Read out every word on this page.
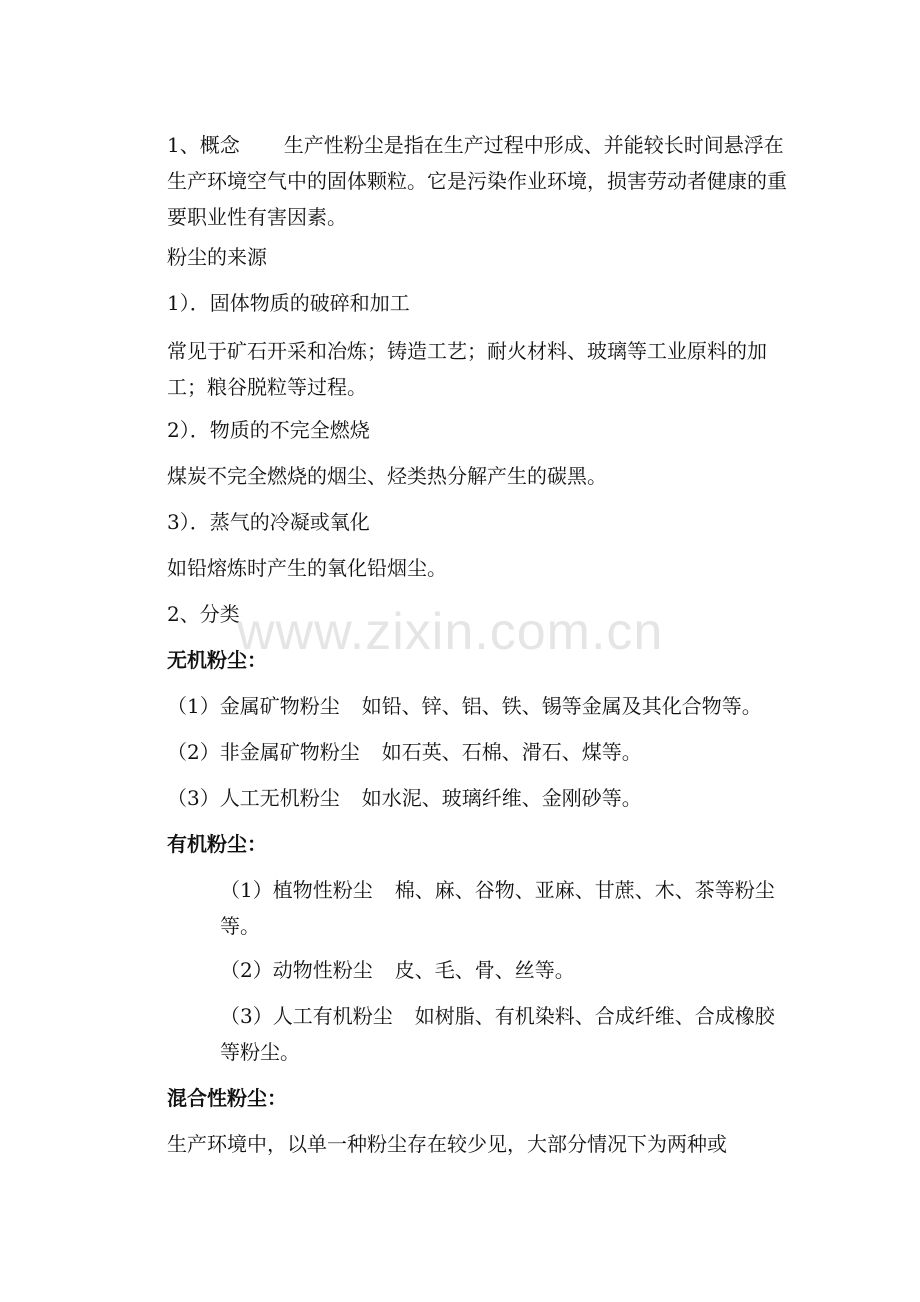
1、概念 生产性粉尘是指在生产过程中形成、并能较长时间悬浮在生产环境空气中的固体颗粒。它是污染作业环境，损害劳动者健康的重要职业性有害因素。

粉尘的来源

1）．固体物质的破碎和加工

常见于矿石开采和冶炼；铸造工艺；耐火材料、玻璃等工业原料的加工；粮谷脱粒等过程。

2）．物质的不完全燃烧

煤炭不完全燃烧的烟尘、烃类热分解产生的碳黑。

3）．蒸气的冷凝或氧化

如铅熔炼时产生的氧化铅烟尘。

2、分类

无机粉尘：

（1）金属矿物粉尘 如铅、锌、铝、铁、锡等金属及其化合物等。

（2）非金属矿物粉尘 如石英、石棉、滑石、煤等。

（3）人工无机粉尘 如水泥、玻璃纤维、金刚砂等。

有机粉尘：

（1）植物性粉尘 棉、麻、谷物、亚麻、甘蔗、木、茶等粉尘等。

（2）动物性粉尘 皮、毛、骨、丝等。

（3）人工有机粉尘 如树脂、有机染料、合成纤维、合成橡胶等粉尘。

混合性粉尘：

生产环境中，以单一种粉尘存在较少见，大部分情况下为两种或

www.zixin.com.cn
